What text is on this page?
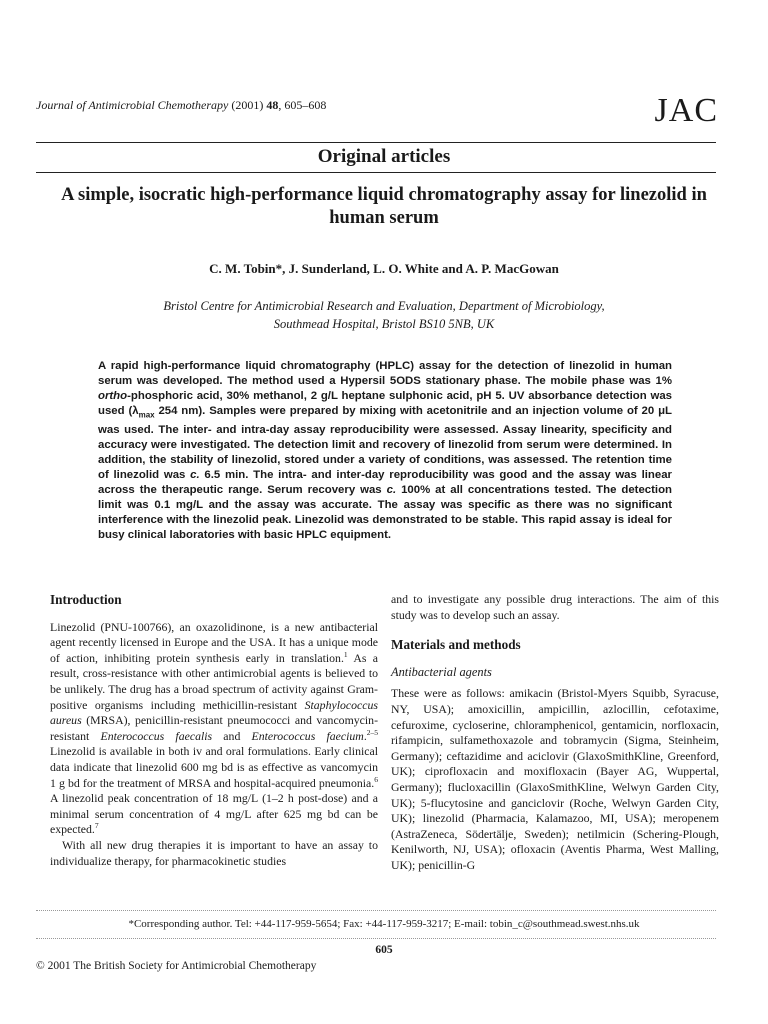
Journal of Antimicrobial Chemotherapy (2001) 48, 605–608	JAC
Original articles
A simple, isocratic high-performance liquid chromatography assay for linezolid in human serum
C. M. Tobin*, J. Sunderland, L. O. White and A. P. MacGowan
Bristol Centre for Antimicrobial Research and Evaluation, Department of Microbiology,
Southmead Hospital, Bristol BS10 5NB, UK
A rapid high-performance liquid chromatography (HPLC) assay for the detection of linezolid in human serum was developed. The method used a Hypersil 5ODS stationary phase. The mobile phase was 1% ortho-phosphoric acid, 30% methanol, 2 g/L heptane sulphonic acid, pH 5. UV absorbance detection was used ($\lambda_{max}$ 254 nm). Samples were prepared by mixing with acetonitrile and an injection volume of 20 μL was used. The inter- and intra-day assay reproducibility were assessed. Assay linearity, specificity and accuracy were investigated. The detection limit and recovery of linezolid from serum were determined. In addition, the stability of linezolid, stored under a variety of conditions, was assessed. The retention time of linezolid was c. 6.5 min. The intra- and inter-day reproducibility was good and the assay was linear across the therapeutic range. Serum recovery was c. 100% at all concentrations tested. The detection limit was 0.1 mg/L and the assay was accurate. The assay was specific as there was no significant interference with the linezolid peak. Linezolid was demonstrated to be stable. This rapid assay is ideal for busy clinical laboratories with basic HPLC equipment.
Introduction

Linezolid (PNU-100766), an oxazolidinone, is a new antibacterial agent recently licensed in Europe and the USA. It has a unique mode of action, inhibiting protein synthesis early in translation.$^1$ As a result, cross-resistance with other antimicrobial agents is believed to be unlikely. The drug has a broad spectrum of activity against Gram-positive organisms including methicillin-resistant Staphylococcus aureus (MRSA), penicillin-resistant pneumococci and vancomycin-resistant Enterococcus faecalis and Enterococcus faecium.$^{2-5}$ Linezolid is available in both iv and oral formulations. Early clinical data indicate that linezolid 600 mg bd is as effective as vancomycin 1 g bd for the treatment of MRSA and hospital-acquired pneumonia.$^6$ A linezolid peak concentration of 18 mg/L (1–2 h post-dose) and a minimal serum concentration of 4 mg/L after 625 mg bd can be expected.$^7$

With all new drug therapies it is important to have an assay to individualize therapy, for pharmacokinetic studies

and to investigate any possible drug interactions. The aim of this study was to develop such an assay.

Materials and methods
Antibacterial agents

These were as follows: amikacin (Bristol-Myers Squibb, Syracuse, NY, USA); amoxicillin, ampicillin, azlocillin, cefotaxime, cefuroxime, cycloserine, chloramphenicol, gentamicin, norfloxacin, rifampicin, sulfamethoxazole and tobramycin (Sigma, Steinheim, Germany); ceftazidime and aciclovir (GlaxoSmithKline, Greenford, UK); ciprofloxacin and moxifloxacin (Bayer AG, Wuppertal, Germany); flucloxacillin (GlaxoSmithKline, Welwyn Garden City, UK); 5-flucytosine and ganciclovir (Roche, Welwyn Garden City, UK); linezolid (Pharmacia, Kalamazoo, MI, USA); meropenem (AstraZeneca, Södertälje, Sweden); netilmicin (Schering-Plough, Kenilworth, NJ, USA); ofloxacin (Aventis Pharma, West Malling, UK); penicillin-G

*Corresponding author. Tel: +44-117-959-5654; Fax: +44-117-959-3217; E-mail: tobin_c@southmead.swest.nhs.uk
605
© 2001 The British Society for Antimicrobial Chemotherapy
